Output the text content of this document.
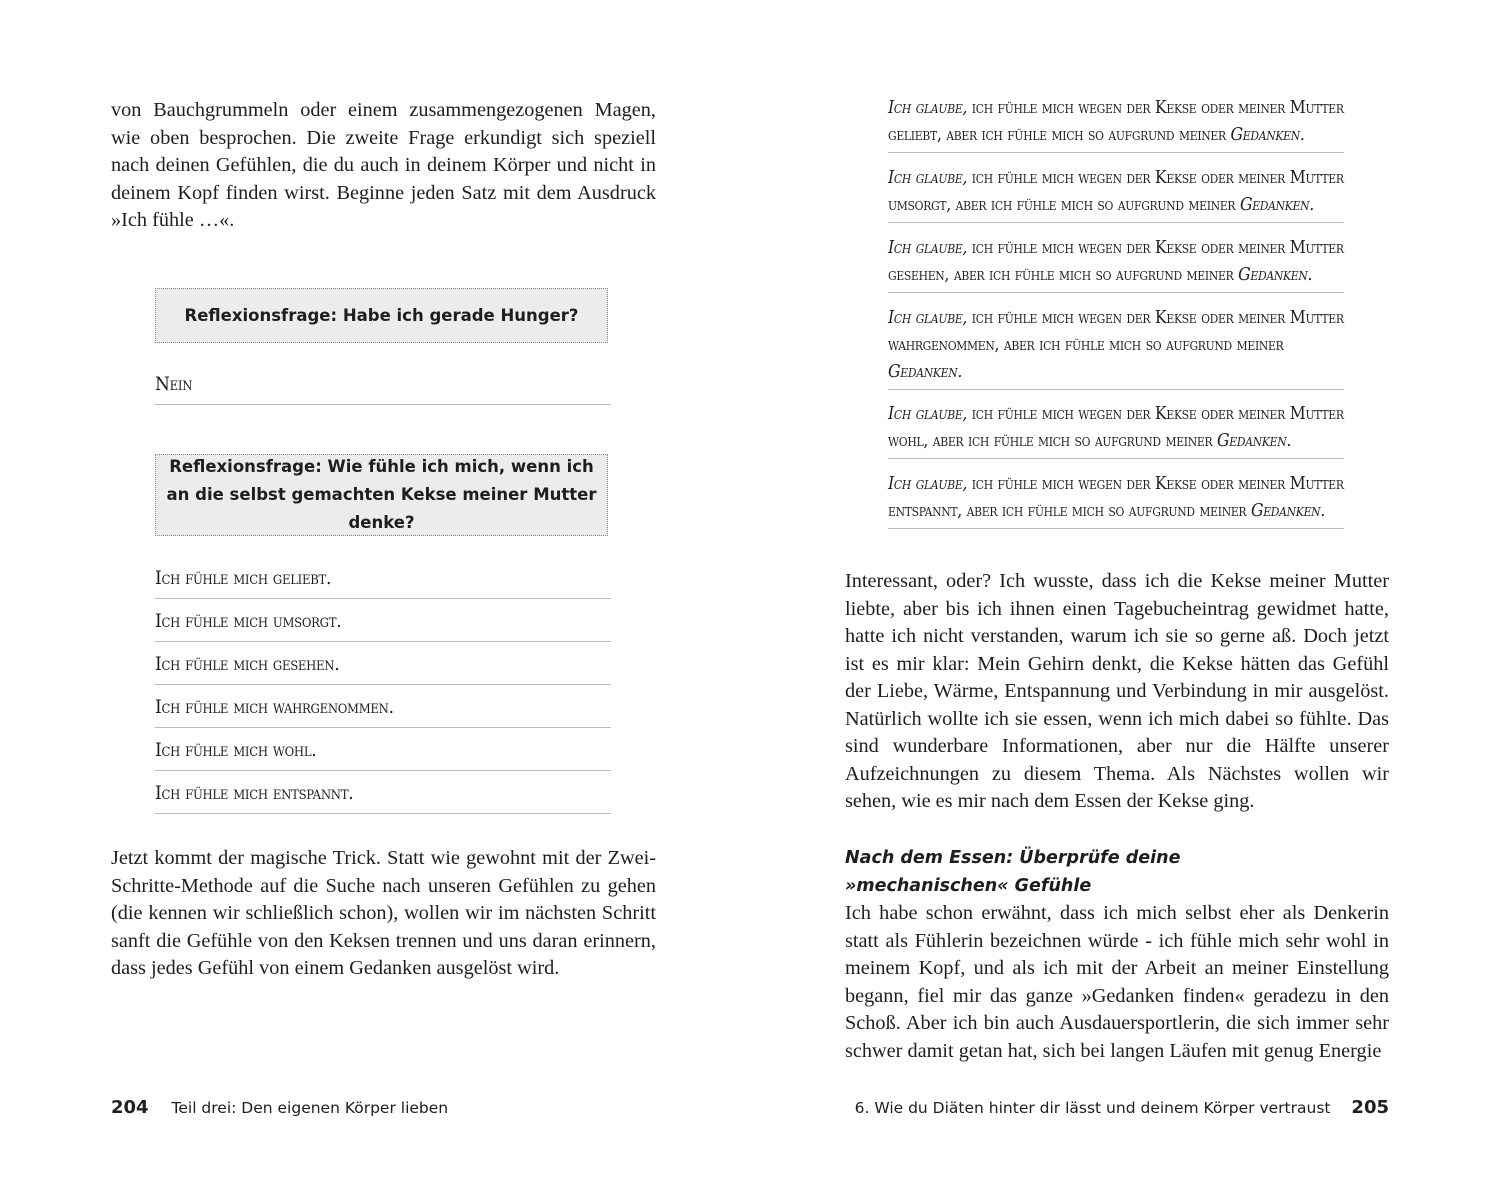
von Bauchgrummeln oder einem zusammengezogenen Magen, wie oben besprochen. Die zweite Frage erkundigt sich speziell nach deinen Gefühlen, die du auch in deinem Körper und nicht in deinem Kopf finden wirst. Beginne jeden Satz mit dem Ausdruck »Ich fühle …«.

Reflexionsfrage: Habe ich gerade Hunger?
Nein
Reflexionsfrage: Wie fühle ich mich, wenn ich
an die selbst gemachten Kekse meiner Mutter denke?
Ich fühle mich geliebt.
Ich fühle mich umsorgt.
Ich fühle mich gesehen.
Ich fühle mich wahrgenommen.
Ich fühle mich wohl.
Ich fühle mich entspannt.

Jetzt kommt der magische Trick. Statt wie gewohnt mit der Zwei-Schritte-Methode auf die Suche nach unseren Gefühlen zu gehen (die kennen wir schließlich schon), wollen wir im nächsten Schritt sanft die Gefühle von den Keksen trennen und uns daran erinnern, dass jedes Gefühl von einem Gedanken ausgelöst wird.

204 Teil drei: Den eigenen Körper lieben
Ich glaube, ich fühle mich wegen der Kekse oder meiner Mutter geliebt, aber ich fühle mich so aufgrund meiner Gedanken.
Ich glaube, ich fühle mich wegen der Kekse oder meiner Mutter umsorgt, aber ich fühle mich so aufgrund meiner Gedanken.
Ich glaube, ich fühle mich wegen der Kekse oder meiner Mutter gesehen, aber ich fühle mich so aufgrund meiner Gedanken.
Ich glaube, ich fühle mich wegen der Kekse oder meiner Mutter wahrgenommen, aber ich fühle mich so aufgrund meiner Gedanken.
Ich glaube, ich fühle mich wegen der Kekse oder meiner Mutter wohl, aber ich fühle mich so aufgrund meiner Gedanken.
Ich glaube, ich fühle mich wegen der Kekse oder meiner Mutter entspannt, aber ich fühle mich so aufgrund meiner Gedanken.

Interessant, oder? Ich wusste, dass ich die Kekse meiner Mutter liebte, aber bis ich ihnen einen Tagebucheintrag gewidmet hatte, hatte ich nicht verstanden, warum ich sie so gerne aß. Doch jetzt ist es mir klar: Mein Gehirn denkt, die Kekse hätten das Gefühl der Liebe, Wärme, Entspannung und Verbindung in mir ausgelöst. Natürlich wollte ich sie essen, wenn ich mich dabei so fühlte. Das sind wunderbare Informationen, aber nur die Hälfte unserer Aufzeichnungen zu diesem Thema. Als Nächstes wollen wir sehen, wie es mir nach dem Essen der Kekse ging.

Nach dem Essen: Überprüfe deine

»mechanischen« Gefühle

Ich habe schon erwähnt, dass ich mich selbst eher als Denkerin statt als Fühlerin bezeichnen würde - ich fühle mich sehr wohl in meinem Kopf, und als ich mit der Arbeit an meiner Einstellung begann, fiel mir das ganze »Gedanken finden« geradezu in den Schoß. Aber ich bin auch Ausdauersportlerin, die sich immer sehr schwer damit getan hat, sich bei langen Läufen mit genug Energie

6. Wie du Diäten hinter dir lässt und deinem Körper vertraust 205
